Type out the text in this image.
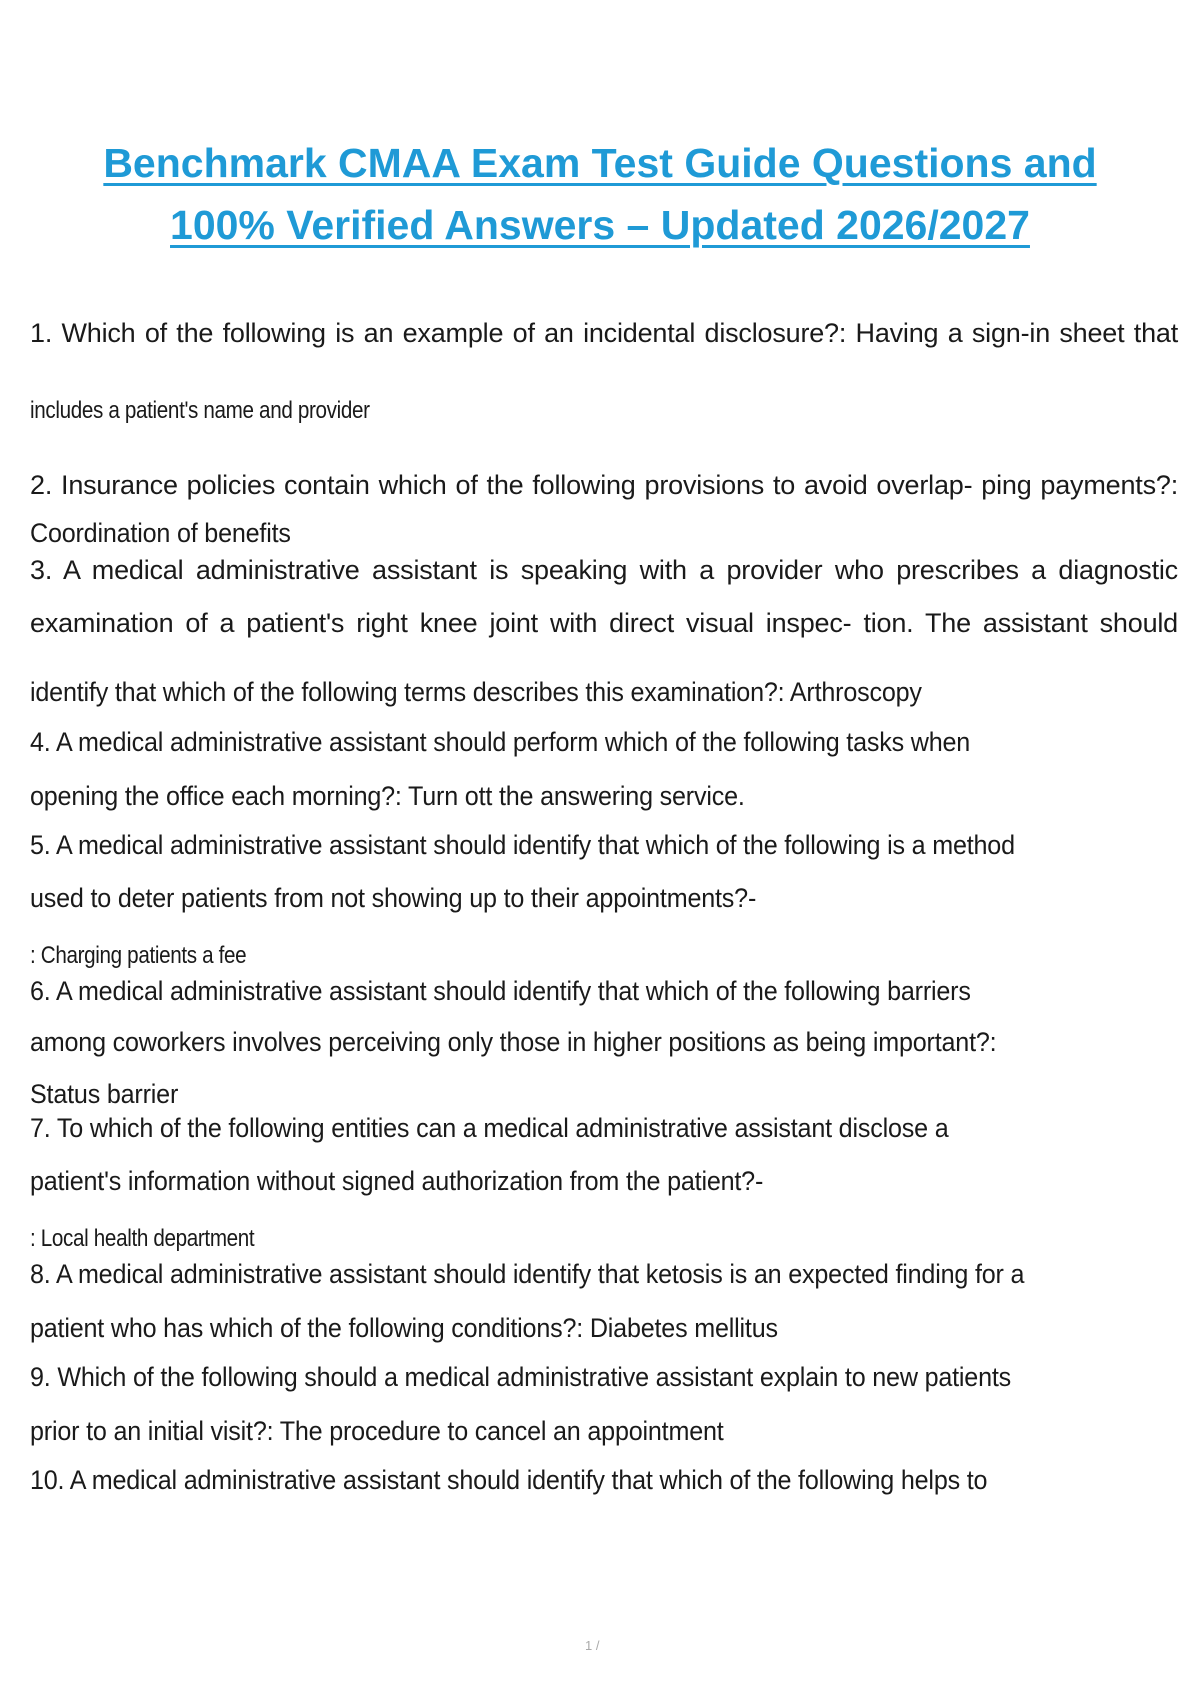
Benchmark CMAA Exam Test Guide Questions and
100% Verified Answers – Updated 2026/2027
1. Which of the following is an example of an incidental disclosure?: Having a sign-in sheet that
includes a patient's name and provider
2. Insurance policies contain which of the following provisions to avoid overlap- ping payments?:
Coordination of benefits
3. A medical administrative assistant is speaking with a provider who prescribes a diagnostic
examination of a patient's right knee joint with direct visual inspec- tion. The assistant should
identify that which of the following terms describes this examination?: Arthroscopy
4. A medical administrative assistant should perform which of the following tasks when
opening the office each morning?: Turn ott the answering service.
5. A medical administrative assistant should identify that which of the following is a method
used to deter patients from not showing up to their appointments?-
: Charging patients a fee
6. A medical administrative assistant should identify that which of the following barriers
among coworkers involves perceiving only those in higher positions as being important?:
Status barrier
7. To which of the following entities can a medical administrative assistant disclose a
patient's information without signed authorization from the patient?-
: Local health department
8. A medical administrative assistant should identify that ketosis is an expected finding for a
patient who has which of the following conditions?: Diabetes mellitus
9. Which of the following should a medical administrative assistant explain to new patients
prior to an initial visit?: The procedure to cancel an appointment
10. A medical administrative assistant should identify that which of the following helps to
1 /
